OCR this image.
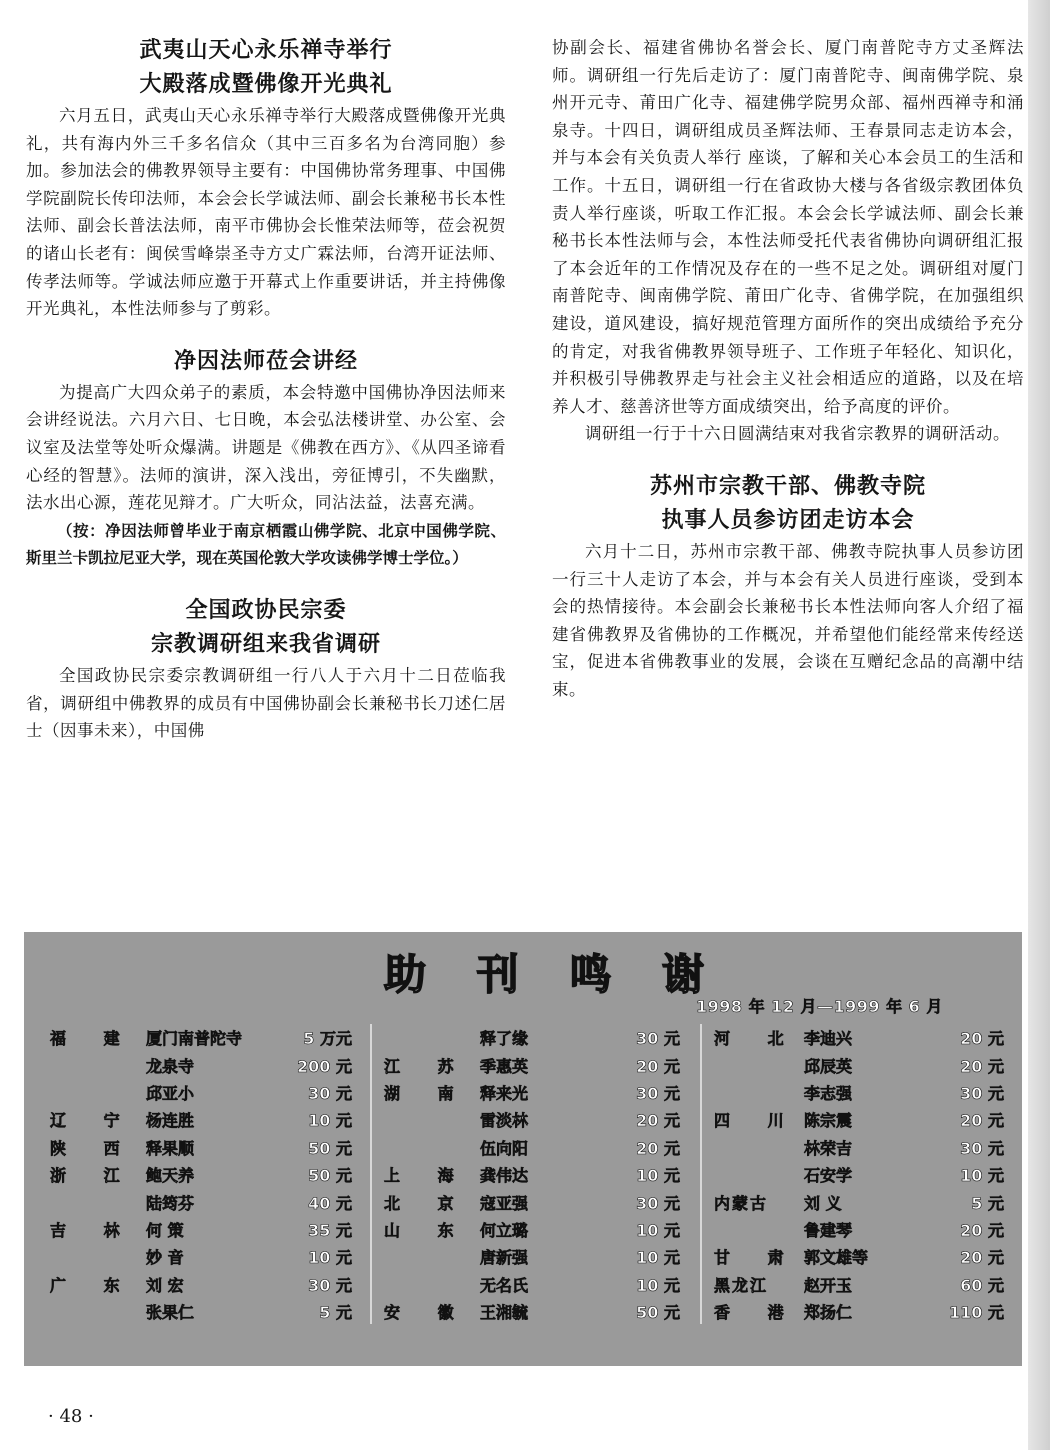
武夷山天心永乐禅寺举行
大殿落成暨佛像开光典礼

六月五日，武夷山天心永乐禅寺举行大殿落成暨佛像开光典礼，共有海内外三千多名信众（其中三百多名为台湾同胞）参加。参加法会的佛教界领导主要有：中国佛协常务理事、中国佛学院副院长传印法师，本会会长学诚法师、副会长兼秘书长本性法师、副会长普法法师，南平市佛协会长惟荣法师等，莅会祝贺的诸山长老有：闽侯雪峰崇圣寺方丈广霖法师，台湾开证法师、传孝法师等。学诚法师应邀于开幕式上作重要讲话，并主持佛像开光典礼，本性法师参与了剪彩。

净因法师莅会讲经

为提高广大四众弟子的素质，本会特邀中国佛协净因法师来会讲经说法。六月六日、七日晚，本会弘法楼讲堂、办公室、会议室及法堂等处听众爆满。讲题是《佛教在西方》、《从四圣谛看心经的智慧》。法师的演讲，深入浅出，旁征博引，不失幽默，法水出心源，莲花见辩才。广大听众，同沾法益，法喜充满。

（按：净因法师曾毕业于南京栖霞山佛学院、北京中国佛学院、斯里兰卡凯拉尼亚大学，现在英国伦敦大学攻读佛学博士学位。）

全国政协民宗委
宗教调研组来我省调研

全国政协民宗委宗教调研组一行八人于六月十二日莅临我省，调研组中佛教界的成员有中国佛协副会长兼秘书长刀述仁居士（因事未来），中国佛

协副会长、福建省佛协名誉会长、厦门南普陀寺方丈圣辉法师。调研组一行先后走访了：厦门南普陀寺、闽南佛学院、泉州开元寺、莆田广化寺、福建佛学院男众部、福州西禅寺和涌泉寺。十四日，调研组成员圣辉法师、王春景同志走访本会，并与本会有关负责人举行 座谈，了解和关心本会员工的生活和工作。十五日，调研组一行在省政协大楼与各省级宗教团体负责人举行座谈，听取工作汇报。本会会长学诚法师、副会长兼秘书长本性法师与会，本性法师受托代表省佛协向调研组汇报了本会近年的工作情况及存在的一些不足之处。调研组对厦门南普陀寺、闽南佛学院、莆田广化寺、省佛学院，在加强组织建设，道风建设，搞好规范管理方面所作的突出成绩给予充分的肯定，对我省佛教界领导班子、工作班子年轻化、知识化，并积极引导佛教界走与社会主义社会相适应的道路，以及在培养人才、慈善济世等方面成绩突出，给予高度的评价。

调研组一行于十六日圆满结束对我省宗教界的调研活动。

苏州市宗教干部、佛教寺院
执事人员参访团走访本会

六月十二日，苏州市宗教干部、佛教寺院执事人员参访团一行三十人走访了本会，并与本会有关人员进行座谈，受到本会的热情接待。本会副会长兼秘书长本性法师向客人介绍了福建省佛教界及省佛协的工作概况，并希望他们能经常来传经送宝，促进本省佛教事业的发展，会谈在互赠纪念品的高潮中结束。

助 刊 鸣 谢
1998 年 12 月—1999 年 6 月
福 建	厦门南普陀寺	5 万元
	龙泉寺	200 元
	邱亚小	30 元
辽 宁	杨连胜	10 元
陕 西	释果顺	50 元
浙 江	鲍天养	50 元
	陆筠芬	40 元
吉 林	何 策	35 元
	妙 音	10 元
广 东	刘 宏	30 元
	张果仁	5 元
	释了缘	30 元
江 苏	季惠英	20 元
湖 南	释来光	30 元
	雷淡林	20 元
	伍向阳	20 元
上 海	龚伟达	10 元
北 京	寇亚强	30 元
山 东	何立璐	10 元
	唐新强	10 元
	无名氏	10 元
安 徽	王湘毓	50 元
河 北	李迪兴	20 元
	邱辰英	20 元
	李志强	30 元
四 川	陈宗震	20 元
	林荣吉	30 元
	石安学	10 元
内蒙古	刘 义	5 元
	鲁建琴	20 元
甘 肃	郭文雄等	20 元
黑龙江	赵开玉	60 元
香 港	郑扬仁	110 元
· 48 ·
